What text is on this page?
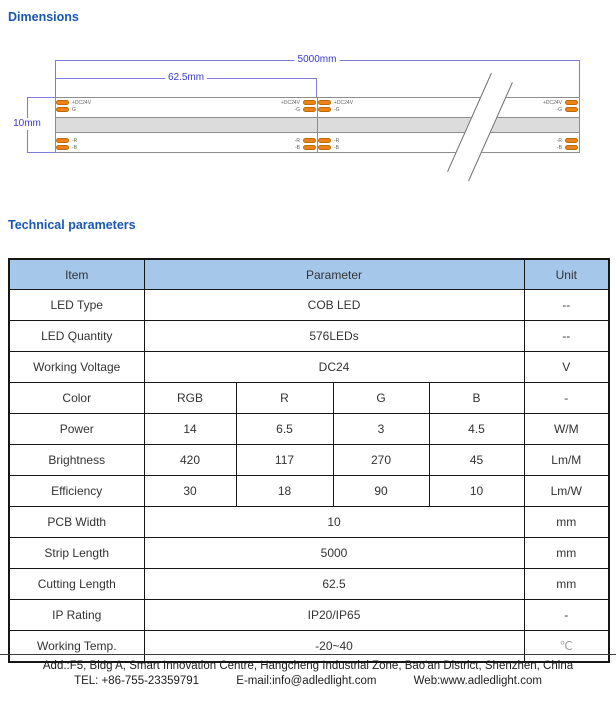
Dimensions
5000mm
62.5mm
10mm
+DC24V
G
-R
-B
+DC24V
-G
-R
-B
+DC24V
-G
-R
-B
+DC24V
-G
-R
-B
Technical parameters
Item	Parameter				Unit
LED Type	COB LED				--
LED Quantity	576LEDs				--
Working Voltage	DC24				V
Color	RGB	R	G	B	-
Power	14	6.5	3	4.5	W/M
Brightness	420	117	270	45	Lm/M
Efficiency	30	18	90	10	Lm/W
PCB Width	10				mm
Strip Length	5000				mm
Cutting Length	62.5				mm
IP Rating	IP20/IP65				-
Working Temp.	-20~40				℃
Add.:F5, Bldg A, Smart Innovation Centre, Hangcheng Industrial Zone, Bao'an District, Shenzhen, China
TEL: +86-755-23359791	E-mail:info@adledlight.com	Web:www.adledlight.com
